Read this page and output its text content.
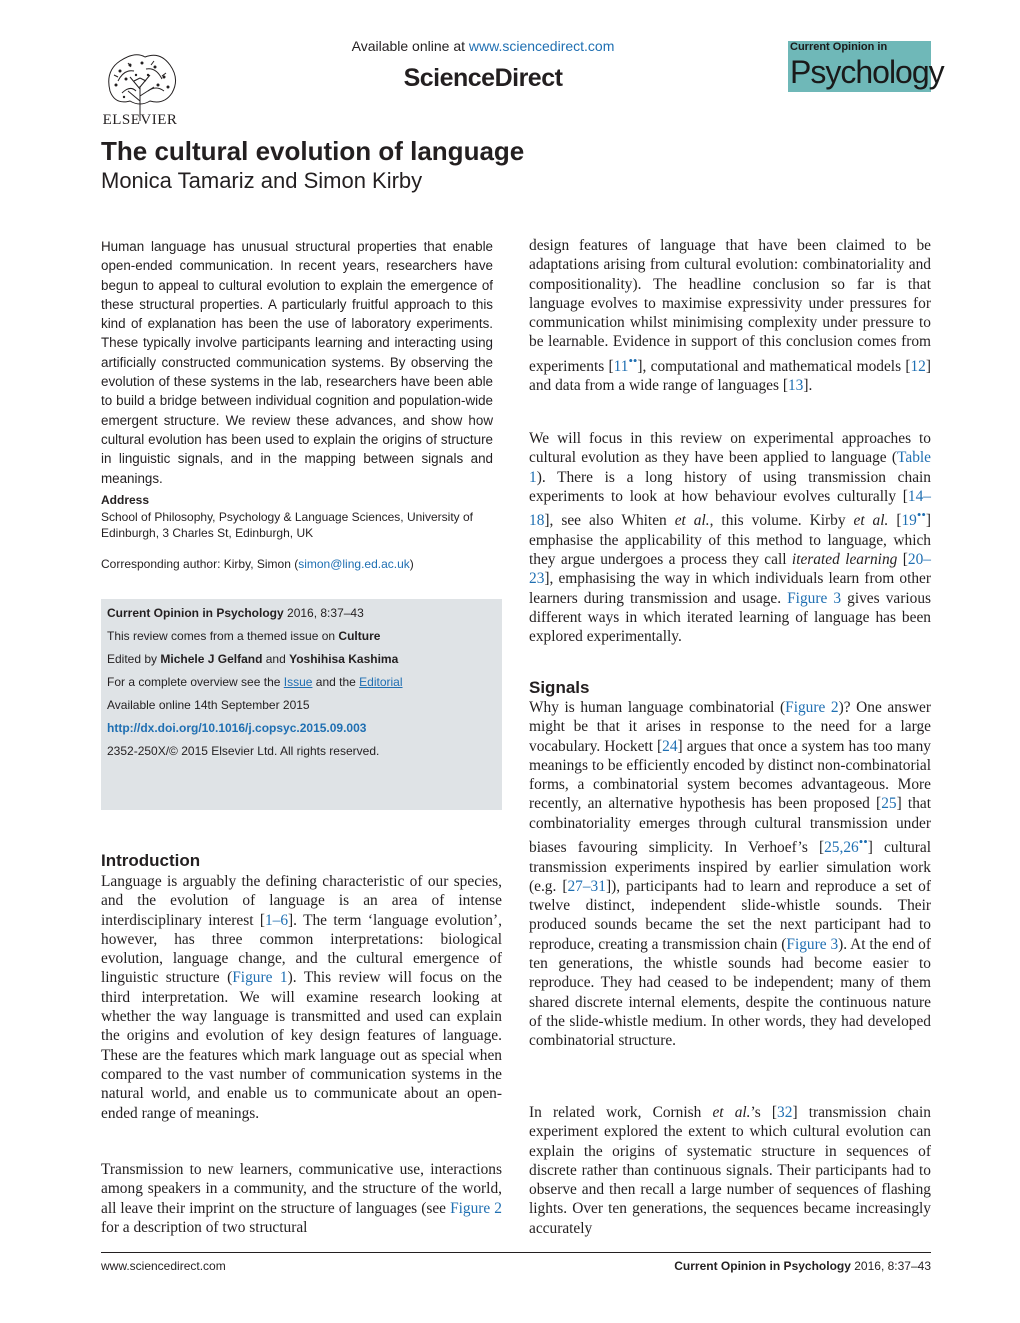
ELSEVIER
Available online at www.sciencedirect.com
ScienceDirect
Current Opinion in
Psychology
The cultural evolution of language
Monica Tamariz and Simon Kirby
Human language has unusual structural properties that enable open-ended communication. In recent years, researchers have begun to appeal to cultural evolution to explain the emergence of these structural properties. A particularly fruitful approach to this kind of explanation has been the use of laboratory experiments. These typically involve participants learning and interacting using artificially constructed communication systems. By observing the evolution of these systems in the lab, researchers have been able to build a bridge between individual cognition and population-wide emergent structure. We review these advances, and show how cultural evolution has been used to explain the origins of structure in linguistic signals, and in the mapping between signals and meanings.
Address
School of Philosophy, Psychology & Language Sciences, University of Edinburgh, 3 Charles St, Edinburgh, UK
Corresponding author: Kirby, Simon (simon@ling.ed.ac.uk)
Current Opinion in Psychology 2016, 8:37–43
This review comes from a themed issue on Culture
Edited by Michele J Gelfand and Yoshihisa Kashima
For a complete overview see the Issue and the Editorial
Available online 14th September 2015
http://dx.doi.org/10.1016/j.copsyc.2015.09.003
2352-250X/© 2015 Elsevier Ltd. All rights reserved.
Introduction
Language is arguably the defining characteristic of our species, and the evolution of language is an area of intense interdisciplinary interest [1–6]. The term ‘language evolution’, however, has three common interpretations: biological evolution, language change, and the cultural emergence of linguistic structure (Figure 1). This review will focus on the third interpretation. We will examine research looking at whether the way language is transmitted and used can explain the origins and evolution of key design features of language. These are the features which mark language out as special when compared to the vast number of communication systems in the natural world, and enable us to communicate about an open-ended range of meanings.
Transmission to new learners, communicative use, interactions among speakers in a community, and the structure of the world, all leave their imprint on the structure of languages (see Figure 2 for a description of two structural
design features of language that have been claimed to be adaptations arising from cultural evolution: combinatoriality and compositionality). The headline conclusion so far is that language evolves to maximise expressivity under pressures for communication whilst minimising complexity under pressure to be learnable. Evidence in support of this conclusion comes from experiments [11••], computational and mathematical models [12] and data from a wide range of languages [13].
We will focus in this review on experimental approaches to cultural evolution as they have been applied to language (Table 1). There is a long history of using transmission chain experiments to look at how behaviour evolves culturally [14–18], see also Whiten et al., this volume. Kirby et al. [19••] emphasise the applicability of this method to language, which they argue undergoes a process they call iterated learning [20–23], emphasising the way in which individuals learn from other learners during transmission and usage. Figure 3 gives various different ways in which iterated learning of language has been explored experimentally.
Signals
Why is human language combinatorial (Figure 2)? One answer might be that it arises in response to the need for a large vocabulary. Hockett [24] argues that once a system has too many meanings to be efficiently encoded by distinct non-combinatorial forms, a combinatorial system becomes advantageous. More recently, an alternative hypothesis has been proposed [25] that combinatoriality emerges through cultural transmission under biases favouring simplicity. In Verhoef’s [25,26••] cultural transmission experiments inspired by earlier simulation work (e.g. [27–31]), participants had to learn and reproduce a set of twelve distinct, independent slide-whistle sounds. Their produced sounds became the set the next participant had to reproduce, creating a transmission chain (Figure 3). At the end of ten generations, the whistle sounds had become easier to reproduce. They had ceased to be independent; many of them shared discrete internal elements, despite the continuous nature of the slide-whistle medium. In other words, they had developed combinatorial structure.
In related work, Cornish et al.’s [32] transmission chain experiment explored the extent to which cultural evolution can explain the origins of systematic structure in sequences of discrete rather than continuous signals. Their participants had to observe and then recall a large number of sequences of flashing lights. Over ten generations, the sequences became increasingly accurately
www.sciencedirect.com	Current Opinion in Psychology 2016, 8:37–43
